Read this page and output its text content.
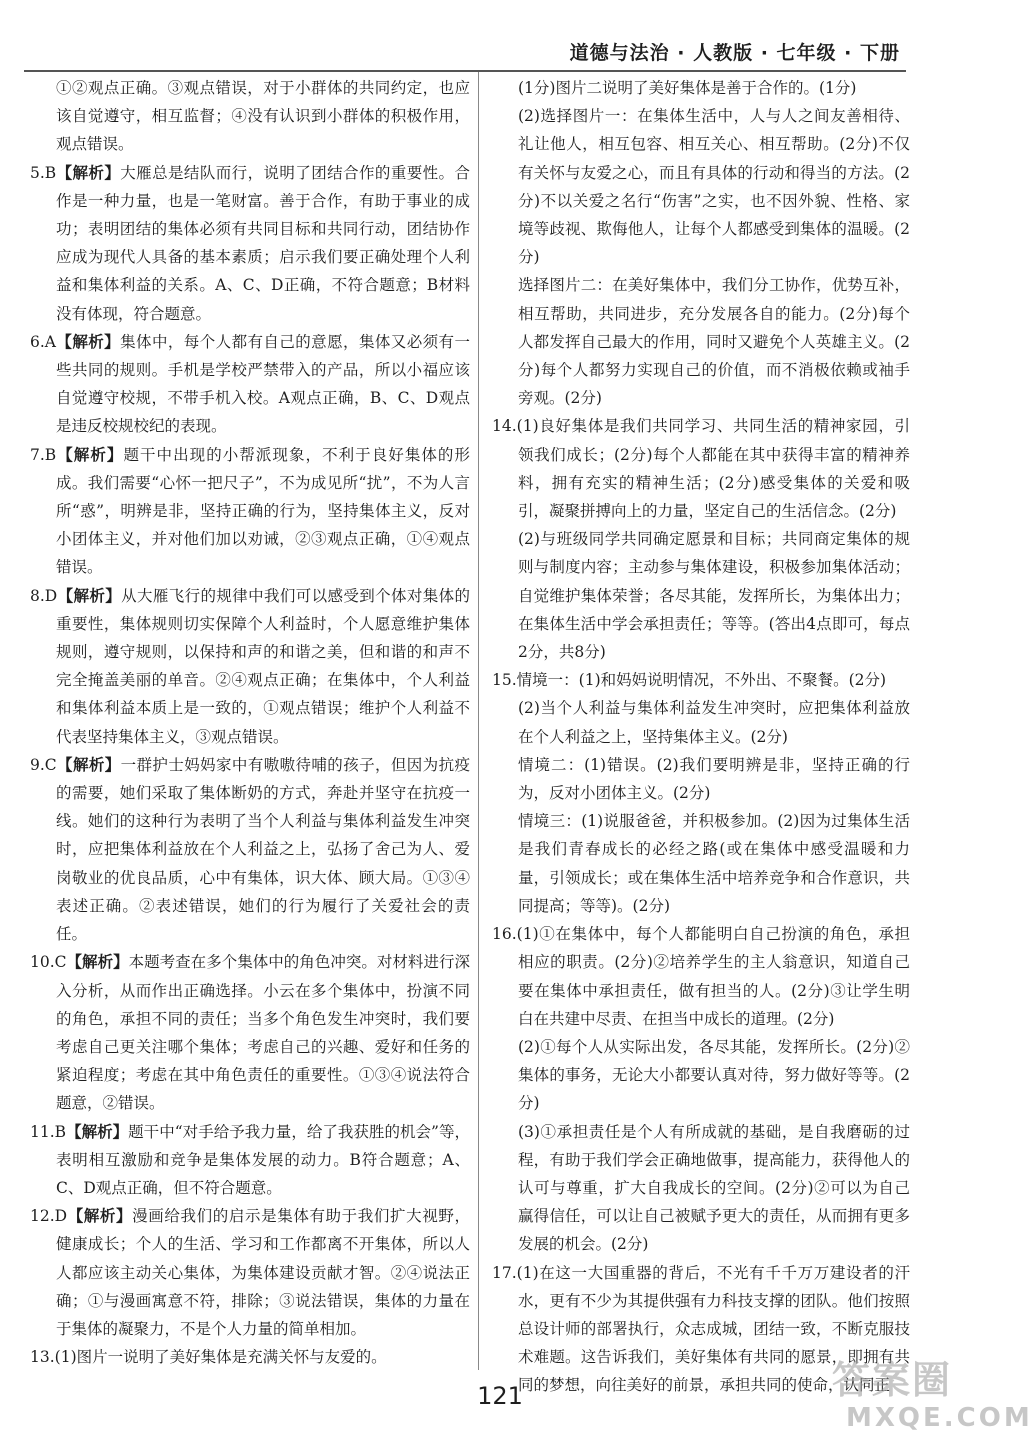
道德与法治 · 人教版 · 七年级 · 下册

①②观点正确。③观点错误，对于小群体的共同约定，也应该自觉遵守，相互监督；④没有认识到小群体的积极作用，观点错误。

5.B【解析】大雁总是结队而行，说明了团结合作的重要性。合作是一种力量，也是一笔财富。善于合作，有助于事业的成功；表明团结的集体必须有共同目标和共同行动，团结协作应成为现代人具备的基本素质；启示我们要正确处理个人利益和集体利益的关系。A、C、D正确，不符合题意；B材料没有体现，符合题意。

6.A【解析】集体中，每个人都有自己的意愿，集体又必须有一些共同的规则。手机是学校严禁带入的产品，所以小福应该自觉遵守校规，不带手机入校。A观点正确，B、C、D观点是违反校规校纪的表现。

7.B【解析】题干中出现的小帮派现象，不利于良好集体的形成。我们需要“心怀一把尺子”，不为成见所“扰”，不为人言所“惑”，明辨是非，坚持正确的行为，坚持集体主义，反对小团体主义，并对他们加以劝诫，②③观点正确，①④观点错误。

8.D【解析】从大雁飞行的规律中我们可以感受到个体对集体的重要性，集体规则切实保障个人利益时，个人愿意维护集体规则，遵守规则，以保持和声的和谐之美，但和谐的和声不完全掩盖美丽的单音。②④观点正确；在集体中，个人利益和集体利益本质上是一致的，①观点错误；维护个人利益不代表坚持集体主义，③观点错误。

9.C【解析】一群护士妈妈家中有嗷嗷待哺的孩子，但因为抗疫的需要，她们采取了集体断奶的方式，奔赴并坚守在抗疫一线。她们的这种行为表明了当个人利益与集体利益发生冲突时，应把集体利益放在个人利益之上，弘扬了舍己为人、爱岗敬业的优良品质，心中有集体，识大体、顾大局。①③④表述正确。②表述错误，她们的行为履行了关爱社会的责任。

10.C【解析】本题考查在多个集体中的角色冲突。对材料进行深入分析，从而作出正确选择。小云在多个集体中，扮演不同的角色，承担不同的责任；当多个角色发生冲突时，我们要考虑自己更关注哪个集体；考虑自己的兴趣、爱好和任务的紧迫程度；考虑在其中角色责任的重要性。①③④说法符合题意，②错误。

11.B【解析】题干中“对手给予我力量，给了我获胜的机会”等，表明相互激励和竞争是集体发展的动力。B符合题意；A、C、D观点正确，但不符合题意。

12.D【解析】漫画给我们的启示是集体有助于我们扩大视野，健康成长；个人的生活、学习和工作都离不开集体，所以人人都应该主动关心集体，为集体建设贡献才智。②④说法正确；①与漫画寓意不符，排除；③说法错误，集体的力量在于集体的凝聚力，不是个人力量的简单相加。

13.(1)图片一说明了美好集体是充满关怀与友爱的。

(1分)图片二说明了美好集体是善于合作的。(1分)

(2)选择图片一：在集体生活中，人与人之间友善相待、礼让他人，相互包容、相互关心、相互帮助。(2分)不仅有关怀与友爱之心，而且有具体的行动和得当的方法。(2分)不以关爱之名行“伤害”之实，也不因外貌、性格、家境等歧视、欺侮他人，让每个人都感受到集体的温暖。(2分)

选择图片二：在美好集体中，我们分工协作，优势互补，相互帮助，共同进步，充分发展各自的能力。(2分)每个人都发挥自己最大的作用，同时又避免个人英雄主义。(2分)每个人都努力实现自己的价值，而不消极依赖或袖手旁观。(2分)

14.(1)良好集体是我们共同学习、共同生活的精神家园，引领我们成长；(2分)每个人都能在其中获得丰富的精神养料，拥有充实的精神生活；(2分)感受集体的关爱和吸引，凝聚拼搏向上的力量，坚定自己的生活信念。(2分)

(2)与班级同学共同确定愿景和目标；共同商定集体的规则与制度内容；主动参与集体建设，积极参加集体活动；自觉维护集体荣誉；各尽其能，发挥所长，为集体出力；在集体生活中学会承担责任；等等。(答出4点即可，每点2分，共8分)

15.情境一：(1)和妈妈说明情况，不外出、不聚餐。(2分)

(2)当个人利益与集体利益发生冲突时，应把集体利益放在个人利益之上，坚持集体主义。(2分)

情境二：(1)错误。(2)我们要明辨是非，坚持正确的行为，反对小团体主义。(2分)

情境三：(1)说服爸爸，并积极参加。(2)因为过集体生活是我们青春成长的必经之路(或在集体中感受温暖和力量，引领成长；或在集体生活中培养竞争和合作意识，共同提高；等等)。(2分)

16.(1)①在集体中，每个人都能明白自己扮演的角色，承担相应的职责。(2分)②培养学生的主人翁意识，知道自己要在集体中承担责任，做有担当的人。(2分)③让学生明白在共建中尽责、在担当中成长的道理。(2分)

(2)①每个人从实际出发，各尽其能，发挥所长。(2分)②集体的事务，无论大小都要认真对待，努力做好等等。(2分)

(3)①承担责任是个人有所成就的基础，是自我磨砺的过程，有助于我们学会正确地做事，提高能力，获得他人的认可与尊重，扩大自我成长的空间。(2分)②可以为自己赢得信任，可以让自己被赋予更大的责任，从而拥有更多发展的机会。(2分)

17.(1)在这一大国重器的背后，不光有千千万万建设者的汗水，更有不少为其提供强有力科技支撑的团队。他们按照总设计师的部署执行，众志成城，团结一致，不断克服技术难题。这告诉我们，美好集体有共同的愿景，即拥有共同的梦想，向往美好的前景，承担共同的使命，认同正

121	答案圈
MXQE.COM
